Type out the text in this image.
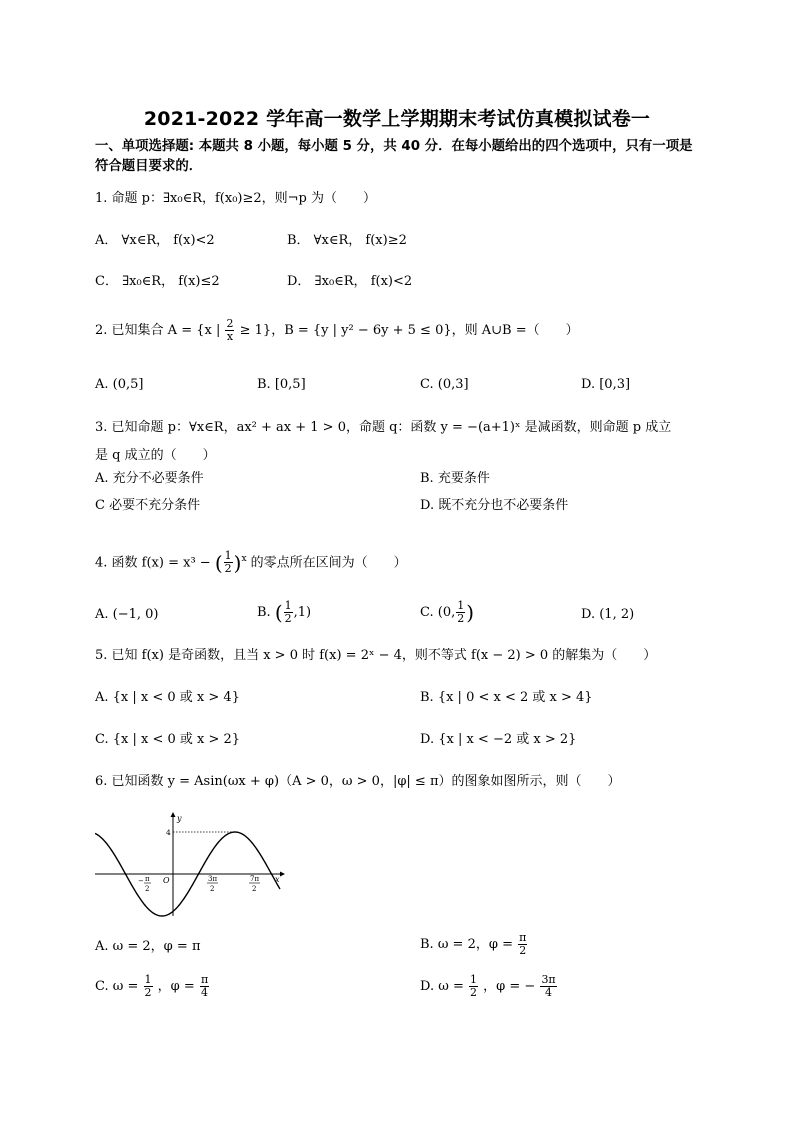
2021-2022 学年高一数学上学期期末考试仿真模拟试卷一
一、单项选择题: 本题共 8 小题，每小题 5 分，共 40 分．在每小题给出的四个选项中，只有一项是
符合题目要求的．
1. 命题 p：∃x₀∈R，f(x₀)≥2，则¬p 为（　　）
A． ∀x∈R， f(x)<2	B． ∀x∈R， f(x)≥2
C． ∃x₀∈R， f(x)≤2	D． ∃x₀∈R， f(x)<2
2. 已知集合 A = {x | $\frac{2}{x} \ge 1$}，B = {y | y² − 6y + 5 ≤ 0}，则 A∪B =（　　）
A. (0,5]	B. [0,5]	C. (0,3]	D. [0,3]
3. 已知命题 p：∀x∈R，ax² + ax + 1 > 0，命题 q：函数 y = −(a+1)ˣ 是减函数，则命题 p 成立
是 q 成立的（　　）
A. 充分不必要条件	B. 充要条件
C 必要不充分条件	D. 既不充分也不必要条件
4. 函数 f(x) = x³ − ( $\frac{1}{2} )^x$ 的零点所在区间为（　　）
A. (−1, 0)	B. ( $\frac{1}{2} ,1$)	C. (0, $\frac{1}{2}$ )	D. (1, 2)
5. 已知 f(x) 是奇函数，且当 x > 0 时 f(x) = 2ˣ − 4，则不等式 f(x − 2) > 0 的解集为（　　）
A. {x | x < 0 或 x > 4}	B. {x | 0 < x < 2 或 x > 4}
C. {x | x < 0 或 x > 2}	D. {x | x < −2 或 x > 2}
6. 已知函数 y = Asin(ωx + φ)（A > 0，ω > 0，|φ| ≤ π）的图象如图所示，则（　　）
y
4
x
O
− π
2
3π
2
7π
2
A. ω = 2，φ = π	B. ω = 2，$\varphi = \frac{\pi}{2}$
C. $\omega = \frac{1}{2}$ ，$\varphi = \frac{\pi}{4}$	D. $\omega = \frac{1}{2}$ ，φ = − $\frac{3\pi}{4}$
